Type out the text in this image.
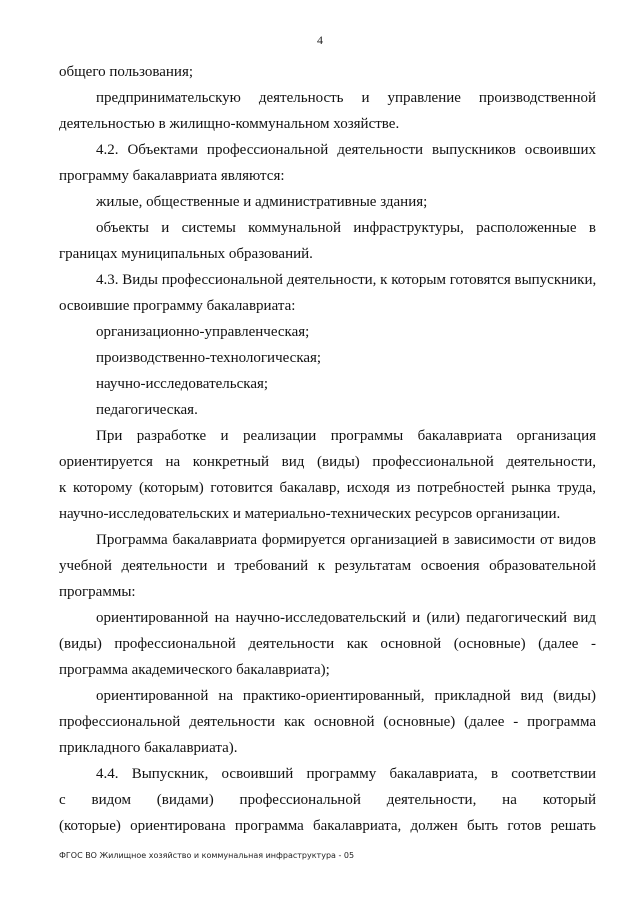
4
общего пользования;
предпринимательскую деятельность и управление производственной
деятельностью в жилищно-коммунальном хозяйстве.
4.2. Объектами профессиональной деятельности выпускников освоивших
программу бакалавриата являются:
жилые, общественные и административные здания;
объекты и системы коммунальной инфраструктуры, расположенные в
границах муниципальных образований.
4.3. Виды профессиональной деятельности, к которым готовятся выпускники,
освоившие программу бакалавриата:
организационно-управленческая;
производственно-технологическая;
научно-исследовательская;
педагогическая.
При разработке и реализации программы бакалавриата организация
ориентируется на конкретный вид (виды) профессиональной деятельности,
к которому (которым) готовится бакалавр, исходя из потребностей рынка труда,
научно-исследовательских и материально-технических ресурсов организации.
Программа бакалавриата формируется организацией в зависимости от видов
учебной деятельности и требований к результатам освоения образовательной
программы:
ориентированной на научно-исследовательский и (или) педагогический вид
(виды) профессиональной деятельности как основной (основные) (далее -
программа академического бакалавриата);
ориентированной на практико-ориентированный, прикладной вид (виды)
профессиональной деятельности как основной (основные) (далее - программа
прикладного бакалавриата).
4.4. Выпускник, освоивший программу бакалавриата, в соответствии
с видом (видами) профессиональной деятельности, на который
(которые) ориентирована программа бакалавриата, должен быть готов решать
ФГОС ВО Жилищное хозяйство и коммунальная инфраструктура - 05
